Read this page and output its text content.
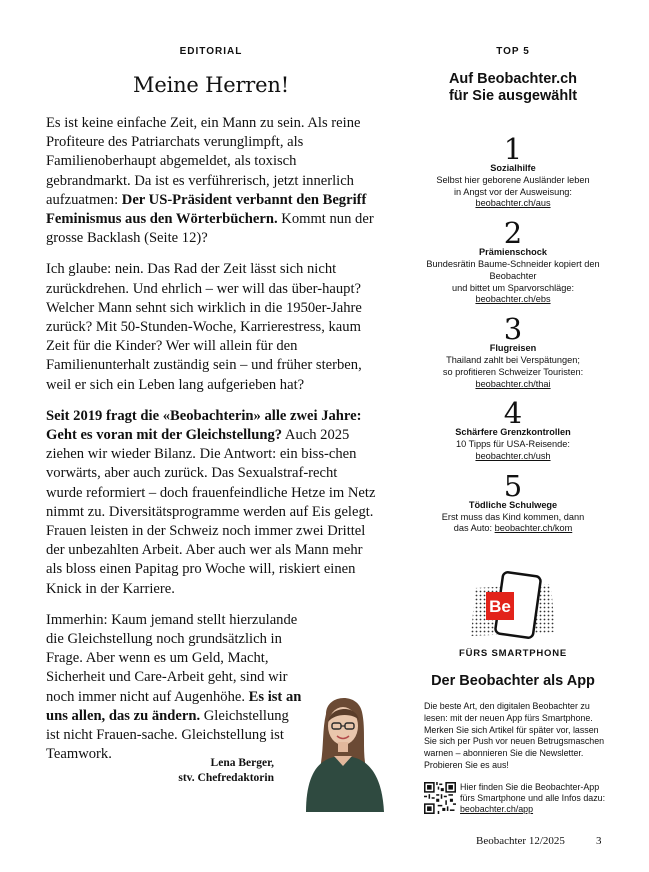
EDITORIAL
Meine Herren!

Es ist keine einfache Zeit, ein Mann zu sein. Als reine Profiteure des Patriarchats verunglimpft, als Familienoberhaupt abgemeldet, als toxisch gebrandmarkt. Da ist es verführerisch, jetzt innerlich aufzuatmen: Der US-Präsident verbannt den Begriff Feminismus aus den Wörterbüchern. Kommt nun der grosse Backlash (Seite 12)?

Ich glaube: nein. Das Rad der Zeit lässt sich nicht zurückdrehen. Und ehrlich – wer will das über-haupt? Welcher Mann sehnt sich wirklich in die 1950er-Jahre zurück? Mit 50-Stunden-Woche, Karrierestress, kaum Zeit für die Kinder? Wer will allein für den Familienunterhalt zuständig sein – und früher sterben, weil er sich ein Leben lang aufgerieben hat?

Seit 2019 fragt die «Beobachterin» alle zwei Jahre: Geht es voran mit der Gleichstellung? Auch 2025 ziehen wir wieder Bilanz. Die Antwort: ein biss-chen vorwärts, aber auch zurück. Das Sexualstraf-recht wurde reformiert – doch frauenfeindliche Hetze im Netz nimmt zu. Diversitätsprogramme werden auf Eis gelegt. Frauen leisten in der Schweiz noch immer zwei Drittel der unbezahlten Arbeit. Aber auch wer als Mann mehr als bloss einen Papitag pro Woche will, riskiert einen Knick in der Karriere.

Immerhin: Kaum jemand stellt hierzulande die Gleichstellung noch grundsätzlich in Frage. Aber wenn es um Geld, Macht, Sicherheit und Care-Arbeit geht, sind wir noch immer nicht auf Augenhöhe. Es ist an uns allen, das zu ändern. Gleichstellung ist nicht Frauen-sache. Gleichstellung ist Teamwork.

Lena Berger,
stv. Chefredaktorin
TOP 5
Auf Beobachter.ch
für Sie ausgewählt
1
Sozialhilfe
Selbst hier geborene Ausländer leben
in Angst vor der Ausweisung:
beobachter.ch/aus
2
Prämienschock
Bundesrätin Baume-Schneider kopiert den Beobachter
und bittet um Sparvorschläge:
beobachter.ch/ebs
3
Flugreisen
Thailand zahlt bei Verspätungen;
so profitieren Schweizer Touristen:
beobachter.ch/thai
4
Schärfere Grenzkontrollen
10 Tipps für USA-Reisende:
beobachter.ch/ush
5
Tödliche Schulwege
Erst muss das Kind kommen, dann
das Auto: beobachter.ch/kom
Be
FÜRS SMARTPHONE
Der Beobachter als App
Die beste Art, den digitalen Beobachter zu lesen: mit der neuen App fürs Smartphone. Merken Sie sich Artikel für später vor, lassen Sie sich per Push vor neuen Betrugsmaschen warnen – abonnieren Sie die Newsletter. Probieren Sie es aus!
Hier finden Sie die Beobachter-App
fürs Smartphone und alle Infos dazu:
beobachter.ch/app
Beobachter 12/2025	3
